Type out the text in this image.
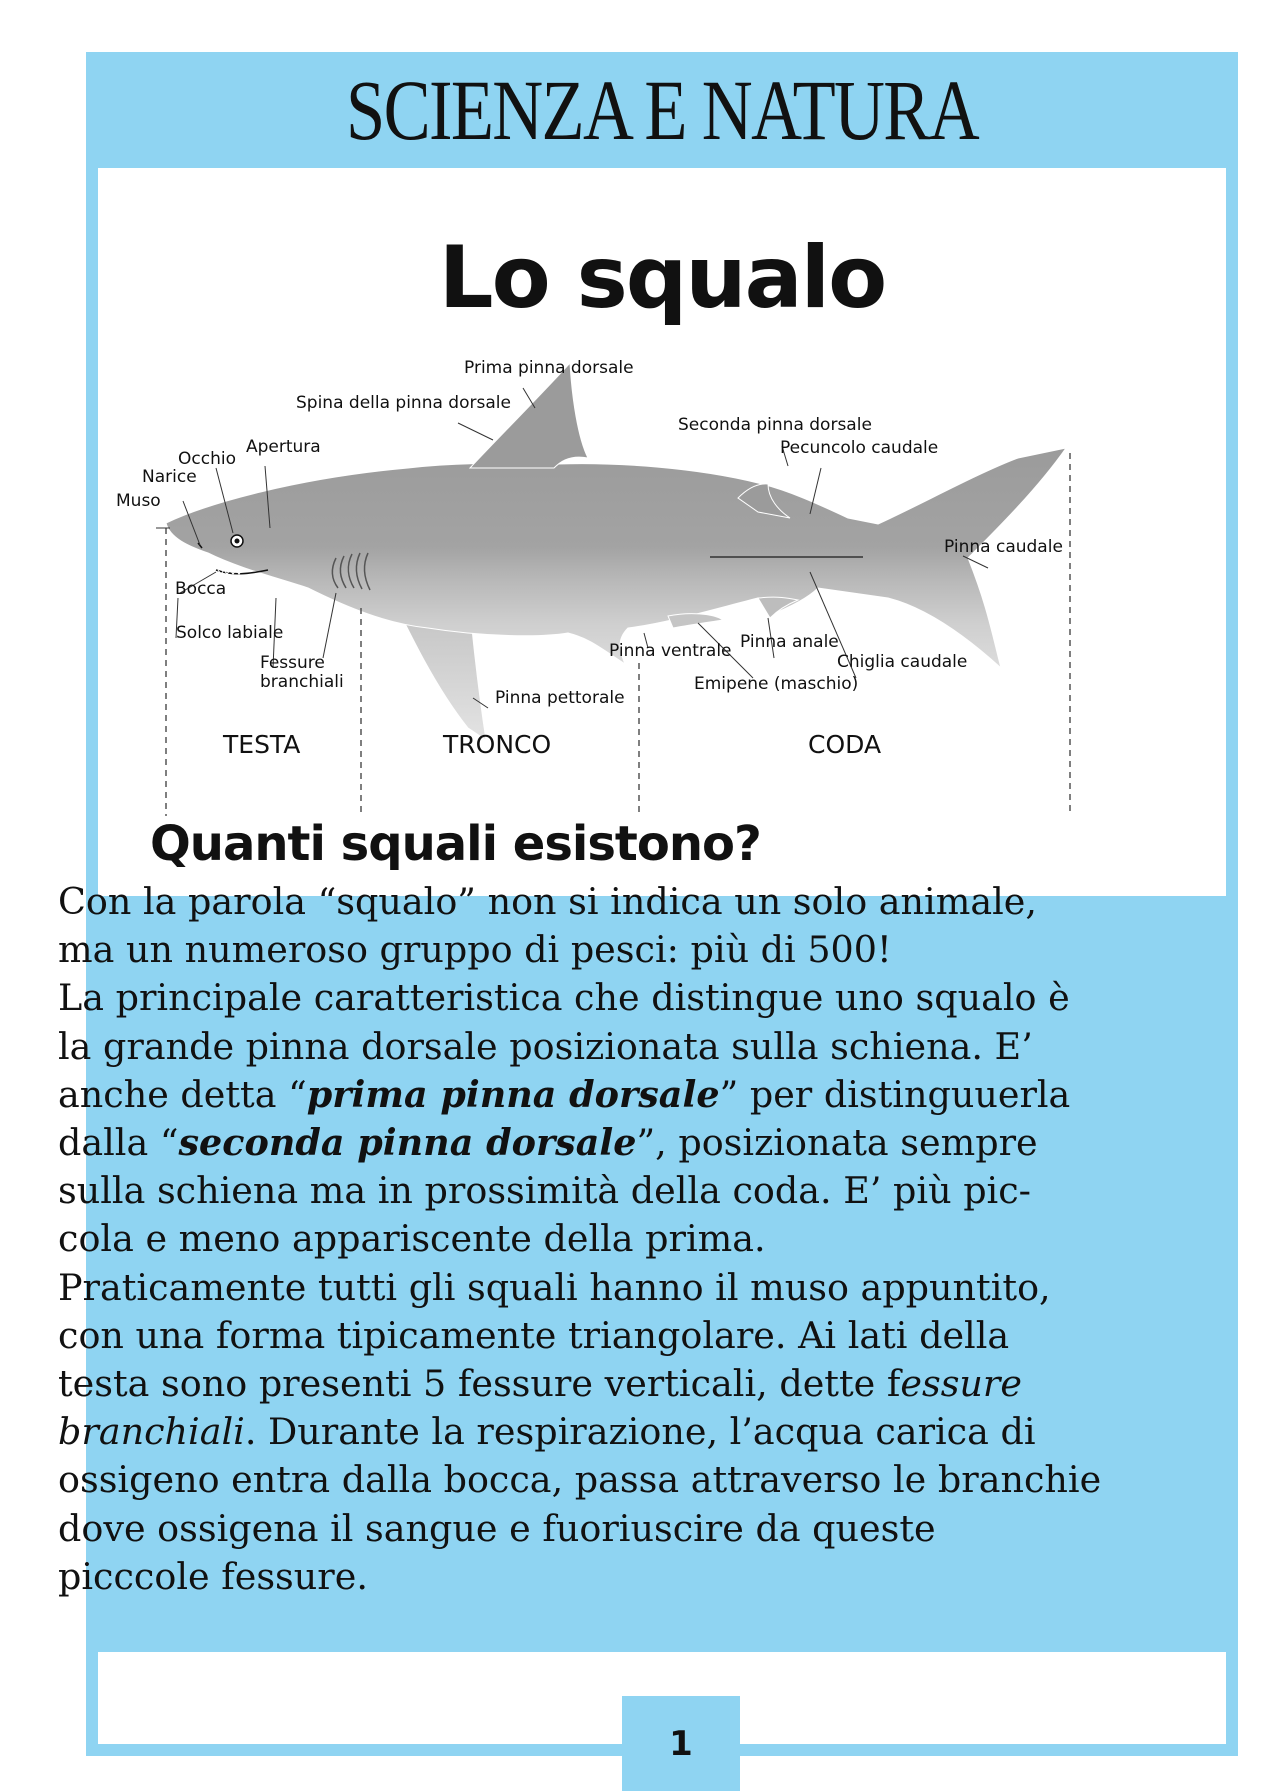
SCIENZA E NATURA
Lo squalo
Prima pinna dorsale
Spina della pinna dorsale
Seconda pinna dorsale
Pecuncolo caudale
Occhio
Apertura
Narice
Muso
Pinna caudale
Bocca
Solco labiale
Fessure
branchiali
Pinna ventrale Pinna anale
Chiglia caudale
Emipene (maschio)
Pinna pettorale
TESTA	TRONCO	CODA
Quanti squali esistono?
1

Con la parola “squalo” non si indica un solo animale,
ma un numeroso gruppo di pesci: più di 500!
La principale caratteristica che distingue uno squalo è
la grande pinna dorsale posizionata sulla schiena. E’
anche detta “prima pinna dorsale” per distinguuerla
dalla “seconda pinna dorsale”, posizionata sempre
sulla schiena ma in prossimità della coda. E’ più pic-
cola e meno appariscente della prima.
Praticamente tutti gli squali hanno il muso appuntito,
con una forma tipicamente triangolare. Ai lati della
testa sono presenti 5 fessure verticali, dette fessure
branchiali. Durante la respirazione, l’acqua carica di
ossigeno entra dalla bocca, passa attraverso le branchie
dove ossigena il sangue e fuoriuscire da queste
picccole fessure.
